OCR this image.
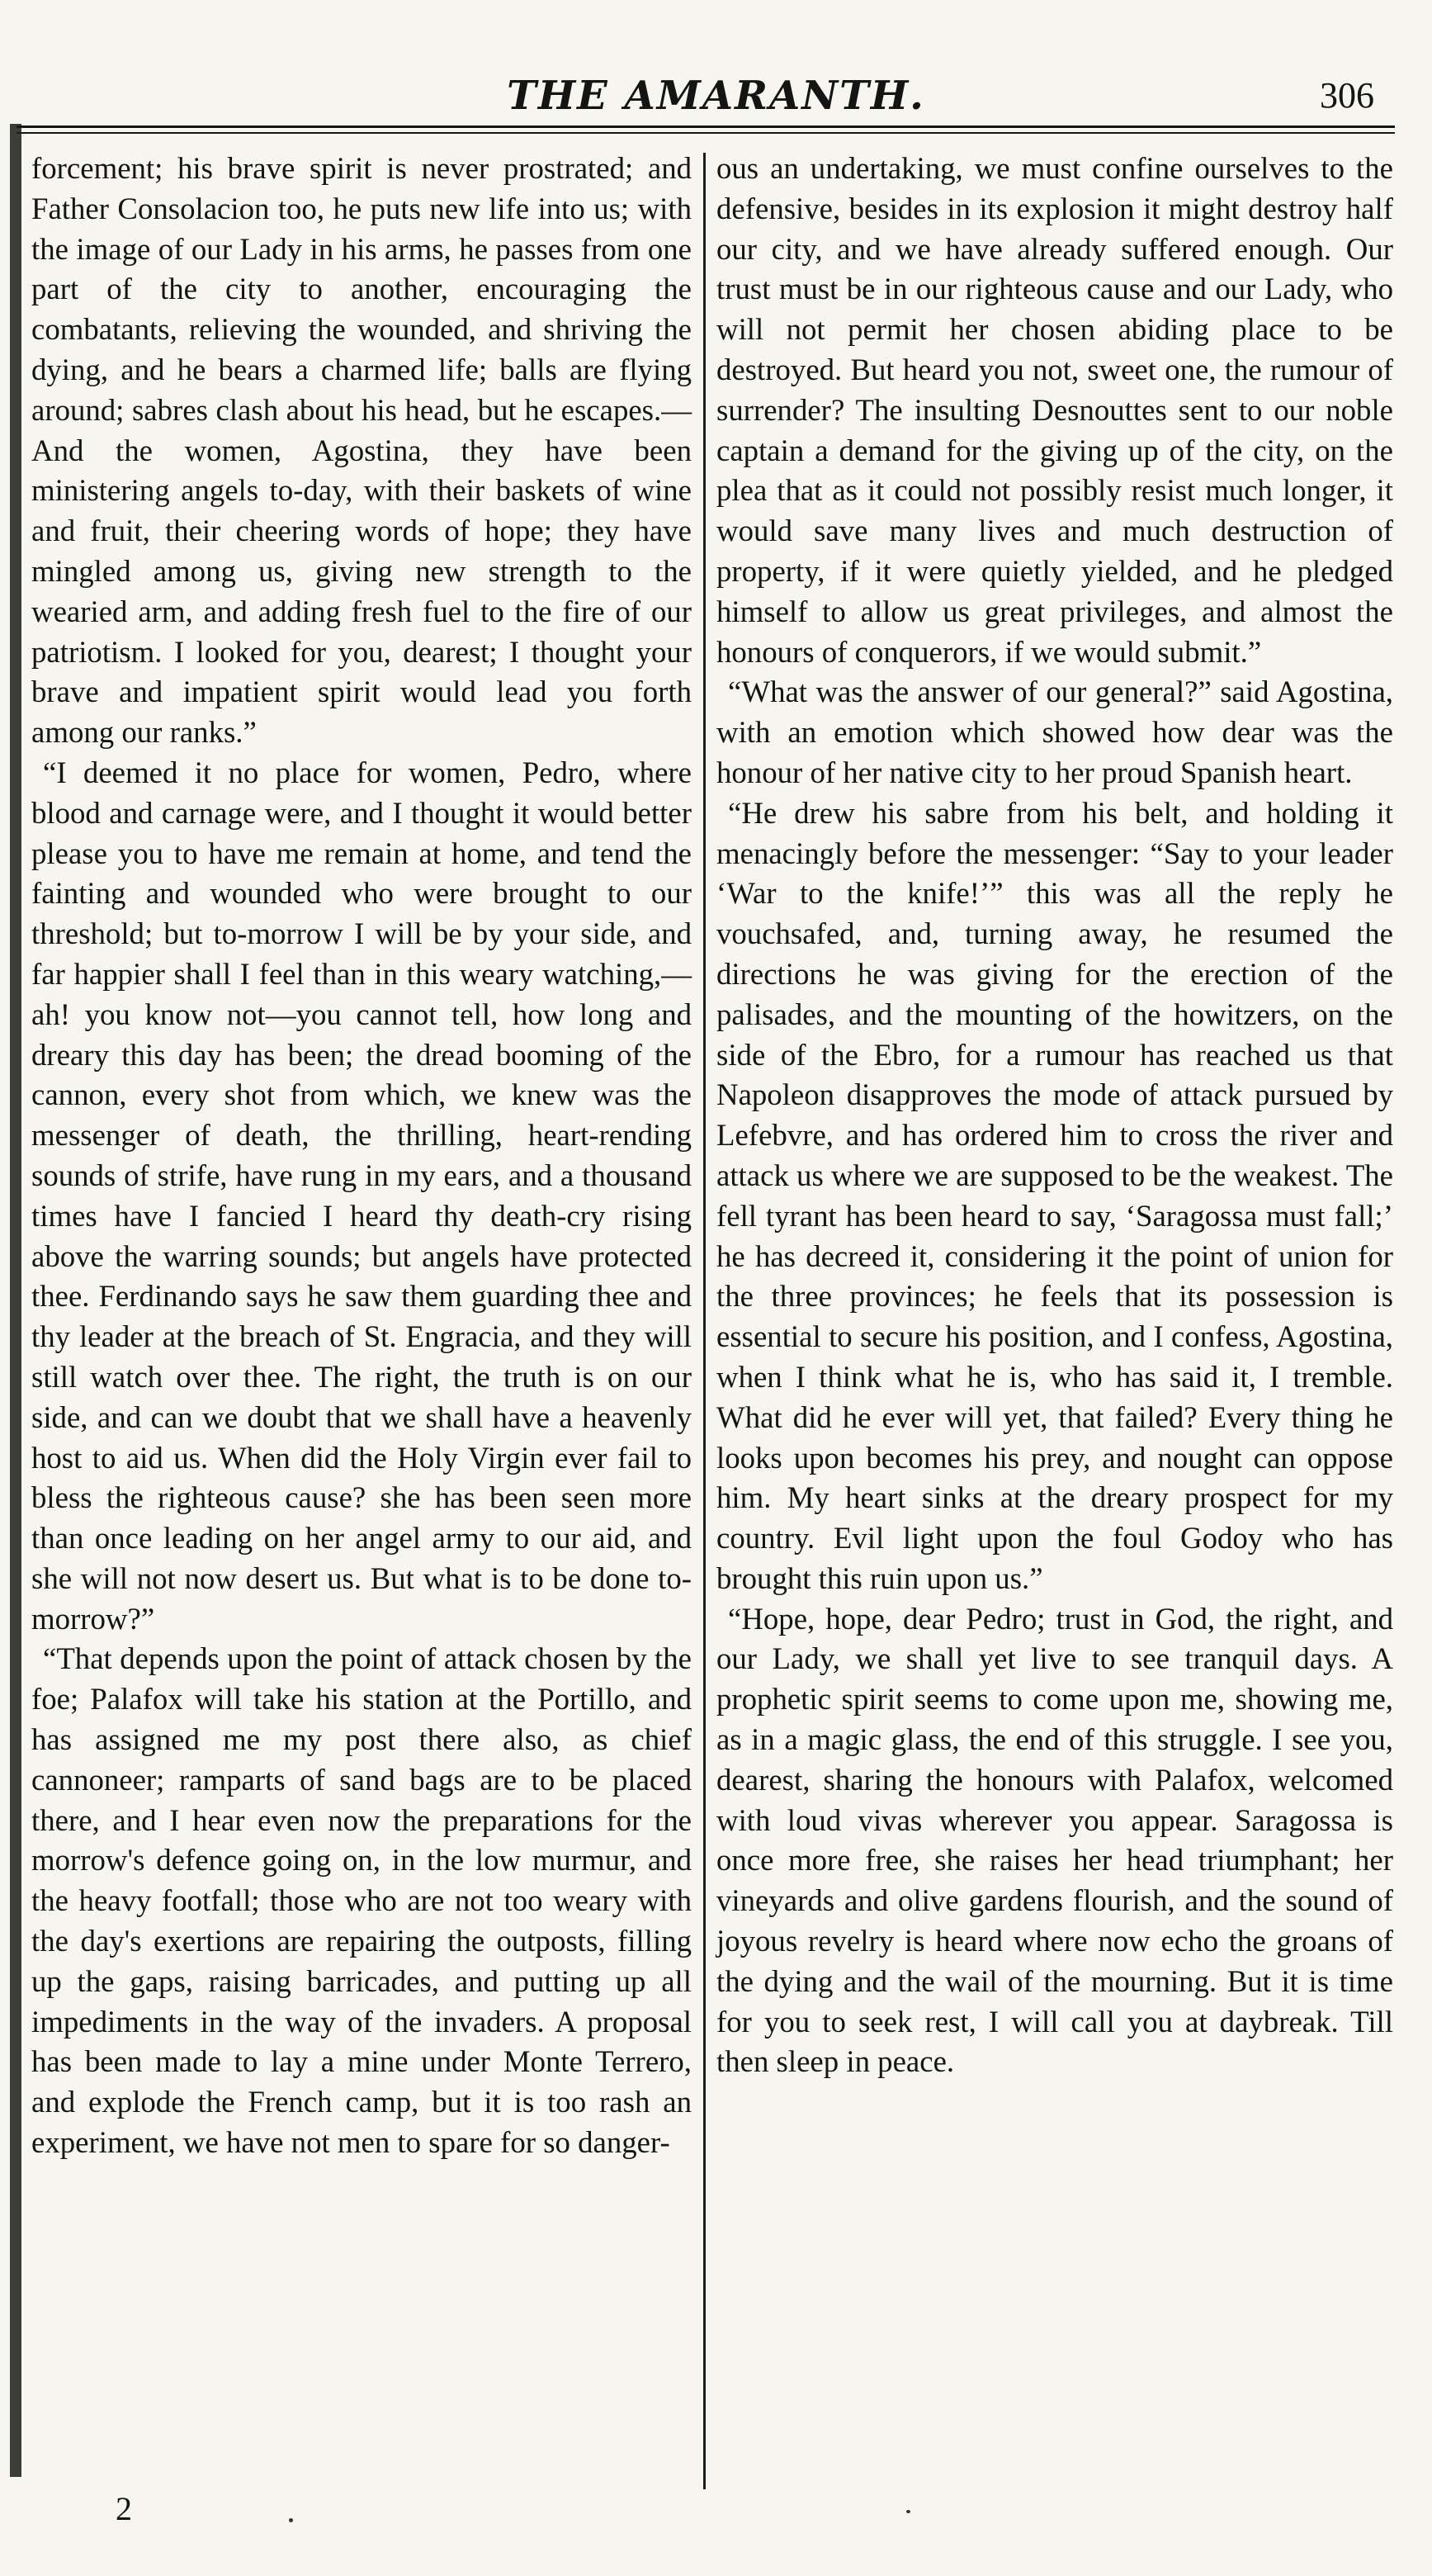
THE AMARANTH.	306

forcement; his brave spirit is never prostrated; and Father Consolacion too, he puts new life into us; with the image of our Lady in his arms, he passes from one part of the city to another, encouraging the combatants, relieving the wounded, and shriving the dying, and he bears a charmed life; balls are flying around; sabres clash about his head, but he escapes.—And the women, Agostina, they have been ministering angels to-day, with their baskets of wine and fruit, their cheering words of hope; they have mingled among us, giving new strength to the wearied arm, and adding fresh fuel to the fire of our patriotism. I looked for you, dearest; I thought your brave and impatient spirit would lead you forth among our ranks.”

“I deemed it no place for women, Pedro, where blood and carnage were, and I thought it would better please you to have me remain at home, and tend the fainting and wounded who were brought to our threshold; but to-morrow I will be by your side, and far happier shall I feel than in this weary watching,—ah! you know not—you cannot tell, how long and dreary this day has been; the dread booming of the cannon, every shot from which, we knew was the messenger of death, the thrilling, heart-rending sounds of strife, have rung in my ears, and a thousand times have I fancied I heard thy death-cry rising above the warring sounds; but angels have protected thee. Ferdinando says he saw them guarding thee and thy leader at the breach of St. Engracia, and they will still watch over thee. The right, the truth is on our side, and can we doubt that we shall have a heavenly host to aid us. When did the Holy Virgin ever fail to bless the righteous cause? she has been seen more than once leading on her angel army to our aid, and she will not now desert us. But what is to be done to-morrow?”

“That depends upon the point of attack chosen by the foe; Palafox will take his station at the Portillo, and has assigned me my post there also, as chief cannoneer; ramparts of sand bags are to be placed there, and I hear even now the preparations for the morrow's defence going on, in the low murmur, and the heavy footfall; those who are not too weary with the day's exertions are repairing the outposts, filling up the gaps, raising barricades, and putting up all impediments in the way of the invaders. A proposal has been made to lay a mine under Monte Terrero, and explode the French camp, but it is too rash an experiment, we have not men to spare for so danger-

ous an undertaking, we must confine ourselves to the defensive, besides in its explosion it might destroy half our city, and we have already suffered enough. Our trust must be in our righteous cause and our Lady, who will not permit her chosen abiding place to be destroyed. But heard you not, sweet one, the rumour of surrender? The insulting Desnouttes sent to our noble captain a demand for the giving up of the city, on the plea that as it could not possibly resist much longer, it would save many lives and much destruction of property, if it were quietly yielded, and he pledged himself to allow us great privileges, and almost the honours of conquerors, if we would submit.”

“What was the answer of our general?” said Agostina, with an emotion which showed how dear was the honour of her native city to her proud Spanish heart.

“He drew his sabre from his belt, and holding it menacingly before the messenger: “Say to your leader ‘War to the knife!’” this was all the reply he vouchsafed, and, turning away, he resumed the directions he was giving for the erection of the palisades, and the mounting of the howitzers, on the side of the Ebro, for a rumour has reached us that Napoleon disapproves the mode of attack pursued by Lefebvre, and has ordered him to cross the river and attack us where we are supposed to be the weakest. The fell tyrant has been heard to say, ‘Saragossa must fall;’ he has decreed it, considering it the point of union for the three provinces; he feels that its possession is essential to secure his position, and I confess, Agostina, when I think what he is, who has said it, I tremble. What did he ever will yet, that failed? Every thing he looks upon becomes his prey, and nought can oppose him. My heart sinks at the dreary prospect for my country. Evil light upon the foul Godoy who has brought this ruin upon us.”

“Hope, hope, dear Pedro; trust in God, the right, and our Lady, we shall yet live to see tranquil days. A prophetic spirit seems to come upon me, showing me, as in a magic glass, the end of this struggle. I see you, dearest, sharing the honours with Palafox, welcomed with loud vivas wherever you appear. Saragossa is once more free, she raises her head triumphant; her vineyards and olive gardens flourish, and the sound of joyous revelry is heard where now echo the groans of the dying and the wail of the mourning. But it is time for you to seek rest, I will call you at daybreak. Till then sleep in peace.

2
